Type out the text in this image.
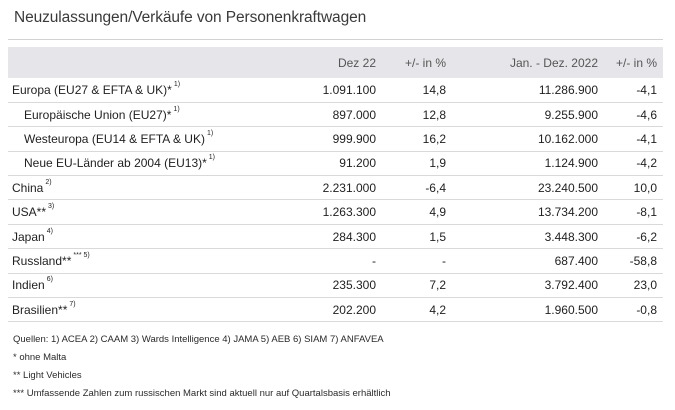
Neuzulassungen/Verkäufe von Personenkraftwagen
	Dez 22	+/- in %	Jan. - Dez. 2022	+/- in %
Europa (EU27 & EFTA & UK)* $^{1)}$	1.091.100	14,8	11.286.900	-4,1
Europäische Union (EU27)* $^{1)}$	897.000	12,8	9.255.900	-4,6
Westeuropa (EU14 & EFTA & UK) $^{1)}$	999.900	16,2	10.162.000	-4,1
Neue EU-Länder ab 2004 (EU13)* $^{1)}$	91.200	1,9	1.124.900	-4,2
China $^{2)}$	2.231.000	-6,4	23.240.500	10,0
USA** $^{3)}$	1.263.300	4,9	13.734.200	-8,1
Japan $^{4)}$	284.300	1,5	3.448.300	-6,2
Russland** $^{*** 5)}$	-	-	687.400	-58,8
Indien $^{6)}$	235.300	7,2	3.792.400	23,0
Brasilien** $^{7)}$	202.200	4,2	1.960.500	-0,8
Quellen: 1) ACEA 2) CAAM 3) Wards Intelligence 4) JAMA 5) AEB 6) SIAM 7) ANFAVEA
* ohne Malta
** Light Vehicles
*** Umfassende Zahlen zum russischen Markt sind aktuell nur auf Quartalsbasis erhältlich
